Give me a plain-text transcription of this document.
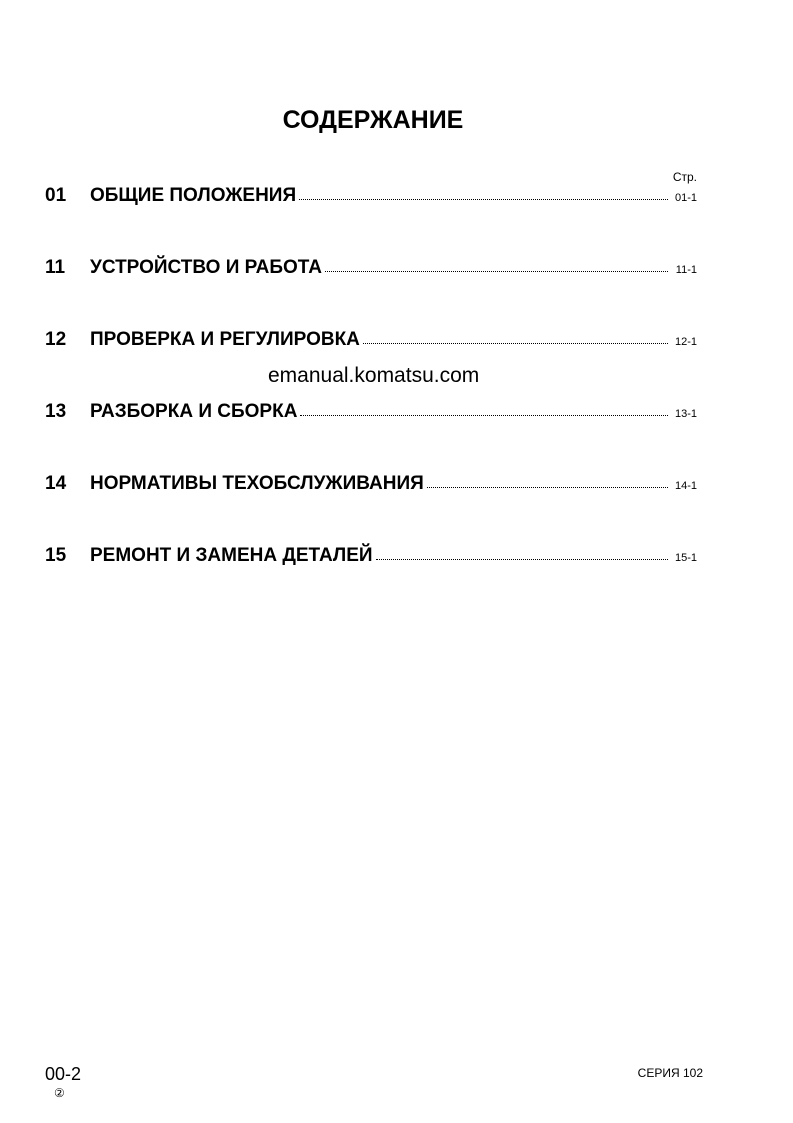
СОДЕРЖАНИЕ
Стр.
01	ОБЩИЕ ПОЛОЖЕНИЯ	01-1
11	УСТРОЙСТВО И РАБОТА	11-1
12	ПРОВЕРКА И РЕГУЛИРОВКА	12-1
13	РАЗБОРКА И СБОРКА	13-1
14	НОРМАТИВЫ ТЕХОБСЛУЖИВАНИЯ	14-1
15	РЕМОНТ И ЗАМЕНА ДЕТАЛЕЙ	15-1
emanual.komatsu.com
00-2
②
СЕРИЯ 102
